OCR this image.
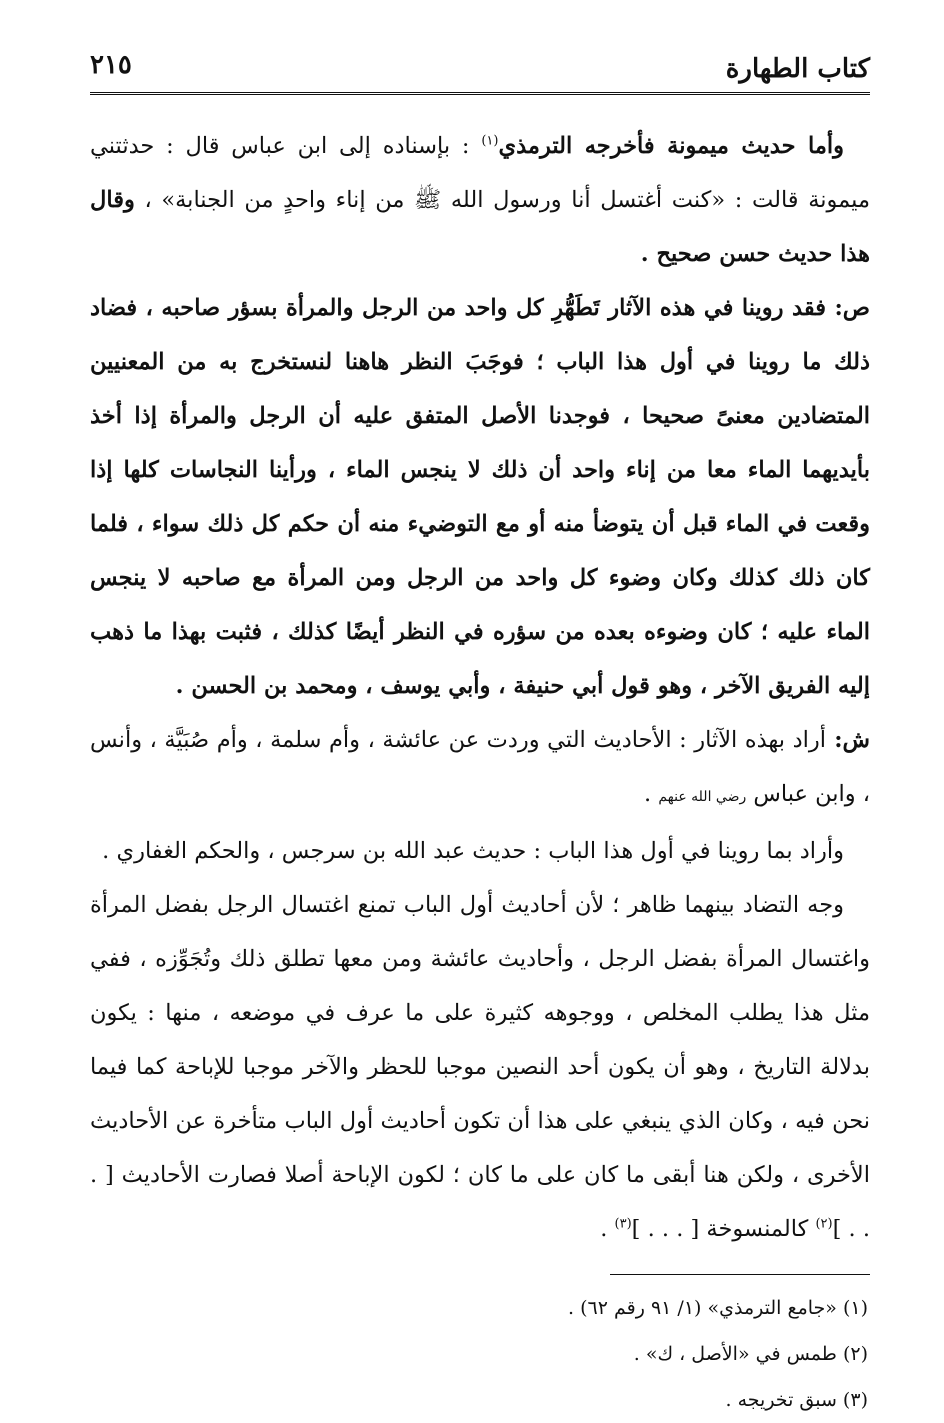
كتاب الطهارة
٢١٥

وأما حديث ميمونة فأخرجه الترمذي$^{(١)}$ : بإسناده إلى ابن عباس قال : حدثتني ميمونة قالت : «كنت أغتسل أنا ورسول الله ﷺ من إناء واحدٍ من الجنابة» ، وقال هذا حديث حسن صحيح .

ص: فقد روينا في هذه الآثار تَطَهُّرِ كل واحد من الرجل والمرأة بسؤر صاحبه ، فضاد ذلك ما روينا في أول هذا الباب ؛ فوجَبَ النظر هاهنا لنستخرج به من المعنيين المتضادين معنىً صحيحا ، فوجدنا الأصل المتفق عليه أن الرجل والمرأة إذا أخذ بأيديهما الماء معا من إناء واحد أن ذلك لا ينجس الماء ، ورأينا النجاسات كلها إذا وقعت في الماء قبل أن يتوضأ منه أو مع التوضيء منه أن حكم كل ذلك سواء ، فلما كان ذلك كذلك وكان وضوء كل واحد من الرجل ومن المرأة مع صاحبه لا ينجس الماء عليه ؛ كان وضوءه بعده من سؤره في النظر أيضًا كذلك ، فثبت بهذا ما ذهب إليه الفريق الآخر ، وهو قول أبي حنيفة ، وأبي يوسف ، ومحمد بن الحسن .

ش: أراد بهذه الآثار : الأحاديث التي وردت عن عائشة ، وأم سلمة ، وأم صُبَيَّة ، وأنس ، وابن عباس رضي الله عنهم .

وأراد بما روينا في أول هذا الباب : حديث عبد الله بن سرجس ، والحكم الغفاري .

وجه التضاد بينهما ظاهر ؛ لأن أحاديث أول الباب تمنع اغتسال الرجل بفضل المرأة واغتسال المرأة بفضل الرجل ، وأحاديث عائشة ومن معها تطلق ذلك وتُجَوِّزه ، ففي مثل هذا يطلب المخلص ، ووجوهه كثيرة على ما عرف في موضعه ، منها : يكون بدلالة التاريخ ، وهو أن يكون أحد النصين موجبا للحظر والآخر موجبا للإباحة كما فيما نحن فيه ، وكان الذي ينبغي على هذا أن تكون أحاديث أول الباب متأخرة عن الأحاديث الأخرى ، ولكن هنا أبقى ما كان على ما كان ؛ لكون الإباحة أصلا فصارت الأحاديث [ . . . ]$^{(٢)}$ كالمنسوخة [ . . . ]$^{(٣)}$ .

(١) «جامع الترمذي» (١/ ٩١ رقم ٦٢) .

(٢) طمس في «الأصل ، ك» .

(٣) سبق تخريجه .
